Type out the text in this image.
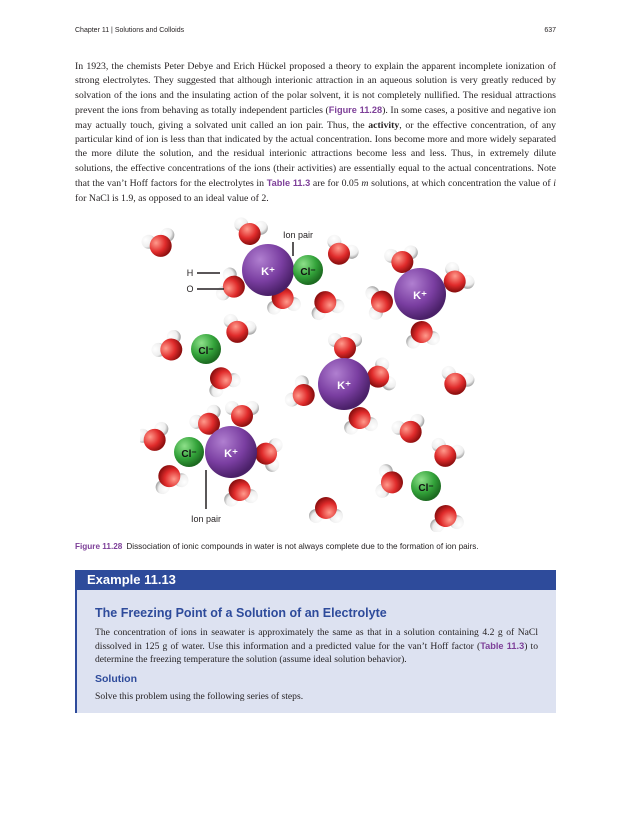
Chapter 11 | Solutions and Colloids	637
In 1923, the chemists Peter Debye and Erich Hückel proposed a theory to explain the apparent incomplete ionization of strong electrolytes. They suggested that although interionic attraction in an aqueous solution is very greatly reduced by solvation of the ions and the insulating action of the polar solvent, it is not completely nullified. The residual attractions prevent the ions from behaving as totally independent particles (Figure 11.28). In some cases, a positive and negative ion may actually touch, giving a solvated unit called an ion pair. Thus, the activity, or the effective concentration, of any particular kind of ion is less than that indicated by the actual concentration. Ions become more and more widely separated the more dilute the solution, and the residual interionic attractions become less and less. Thus, in extremely dilute solutions, the effective concentrations of the ions (their activities) are essentially equal to the actual concentrations. Note that the van’t Hoff factors for the electrolytes in Table 11.3 are for 0.05 m solutions, at which concentration the value of i for NaCl is 1.9, as opposed to an ideal value of 2.
K⁺	Cl⁻
K⁺
Cl⁻
K⁺
K⁺
Cl⁻
Cl⁻
Ion pair
H
O
Ion pair
Figure 11.28 Dissociation of ionic compounds in water is not always complete due to the formation of ion pairs.
Example 11.13
The Freezing Point of a Solution of an Electrolyte
The concentration of ions in seawater is approximately the same as that in a solution containing 4.2 g of NaCl dissolved in 125 g of water. Use this information and a predicted value for the van’t Hoff factor (Table 11.3) to determine the freezing temperature the solution (assume ideal solution behavior).
Solution
Solve this problem using the following series of steps.
